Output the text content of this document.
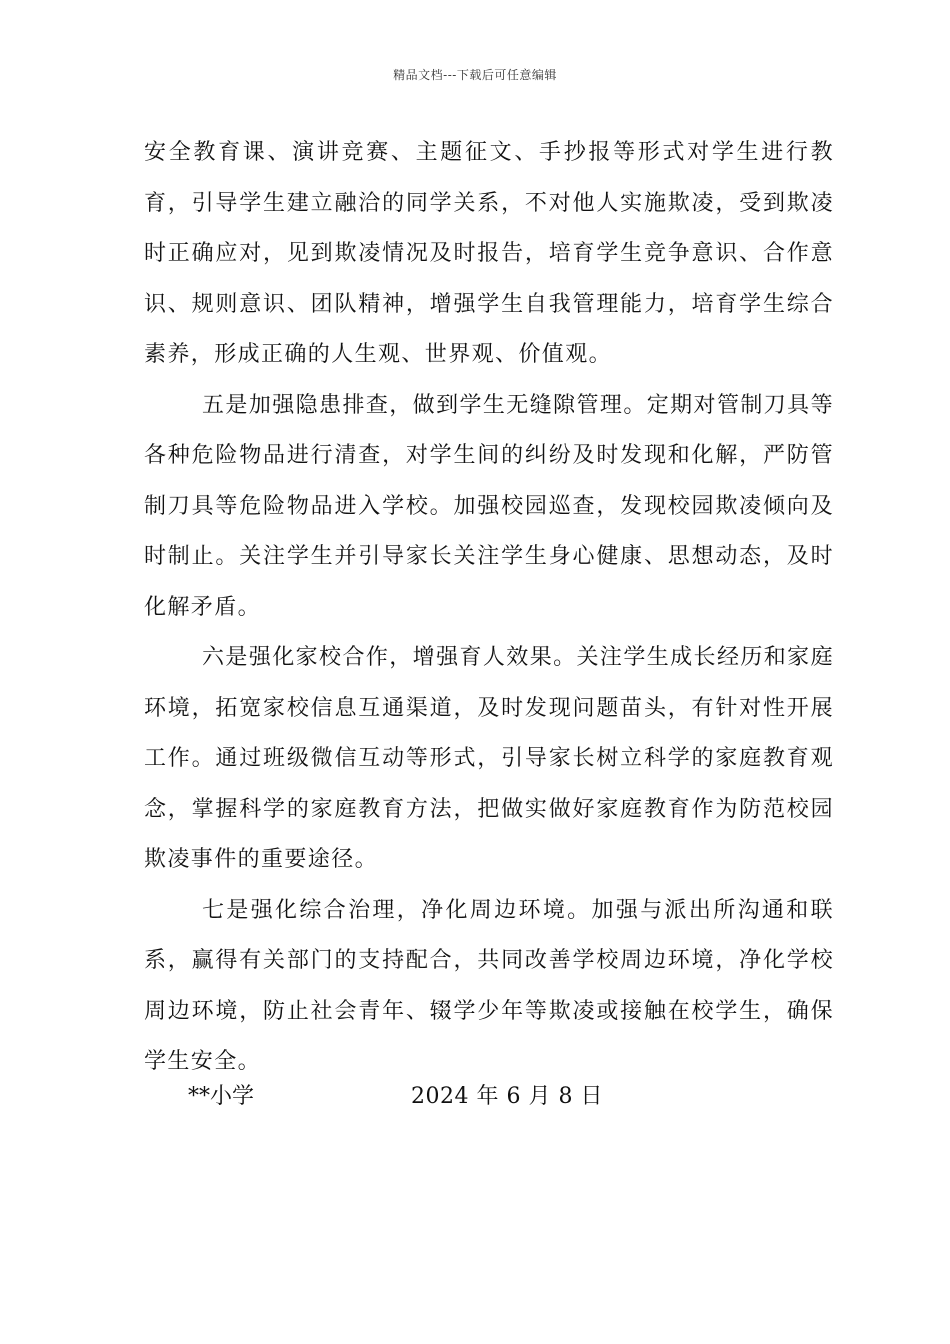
精品文档---下载后可任意编辑

安全教育课、演讲竞赛、主题征文、手抄报等形式对学生进行教育，引导学生建立融洽的同学关系，不对他人实施欺凌，受到欺凌时正确应对，见到欺凌情况及时报告，培育学生竞争意识、合作意识、规则意识、团队精神，增强学生自我管理能力，培育学生综合素养，形成正确的人生观、世界观、价值观。

五是加强隐患排查，做到学生无缝隙管理。定期对管制刀具等各种危险物品进行清查，对学生间的纠纷及时发现和化解，严防管制刀具等危险物品进入学校。加强校园巡查，发现校园欺凌倾向及时制止。关注学生并引导家长关注学生身心健康、思想动态，及时化解矛盾。

六是强化家校合作，增强育人效果。关注学生成长经历和家庭环境，拓宽家校信息互通渠道，及时发现问题苗头，有针对性开展工作。通过班级微信互动等形式，引导家长树立科学的家庭教育观念，掌握科学的家庭教育方法，把做实做好家庭教育作为防范校园欺凌事件的重要途径。

七是强化综合治理，净化周边环境。加强与派出所沟通和联系，赢得有关部门的支持配合，共同改善学校周边环境，净化学校周边环境，防止社会青年、辍学少年等欺凌或接触在校学生，确保学生安全。

**小学	2024 年 6 月 8 日
